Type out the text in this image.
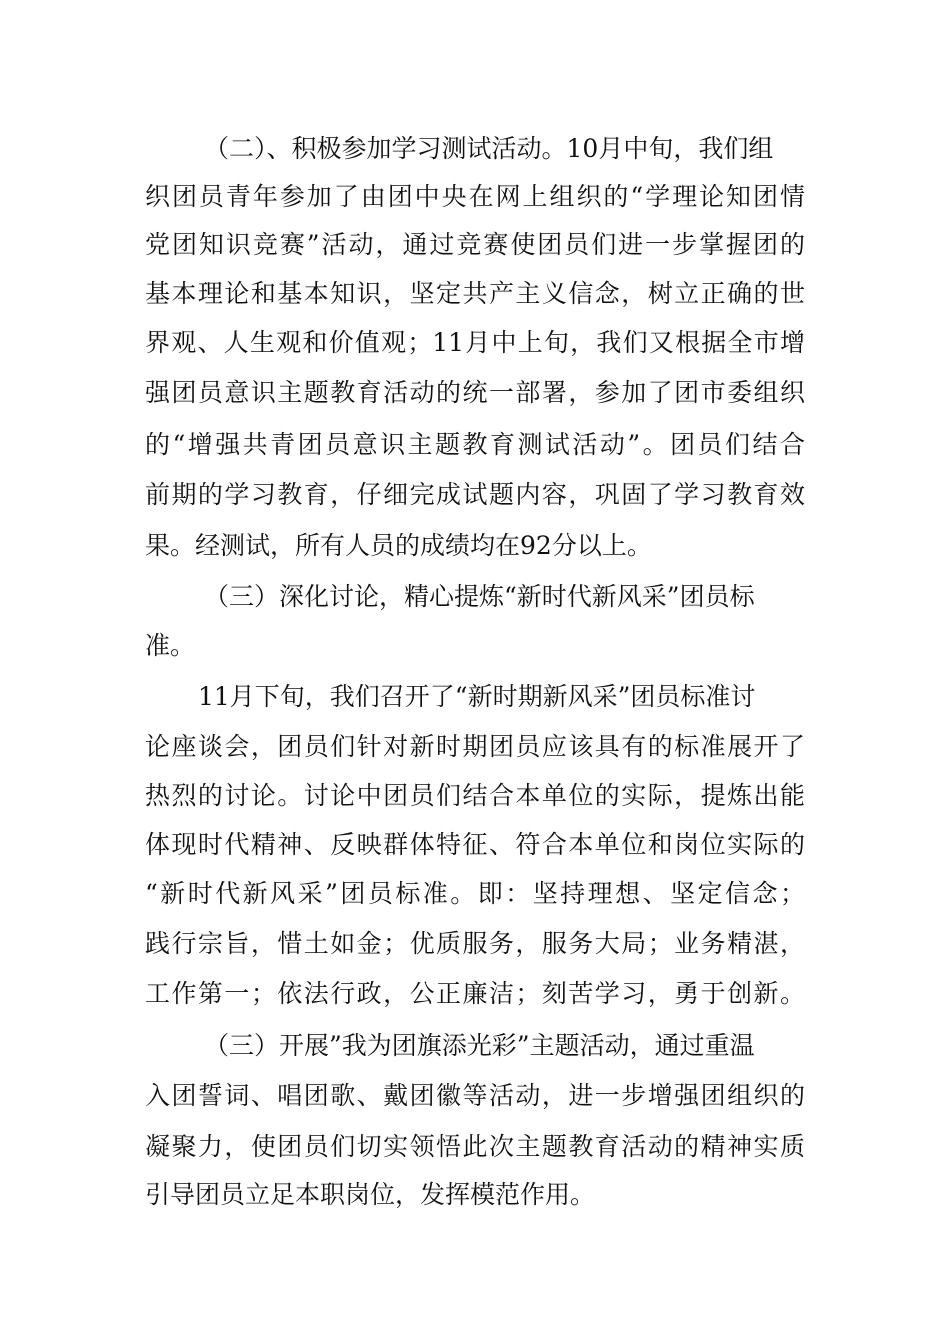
（二）、积极参加学习测试活动。10月中旬，我们组
织团员青年参加了由团中央在网上组织的“学理论知团情
党团知识竞赛”活动，通过竞赛使团员们进一步掌握团的
基本理论和基本知识，坚定共产主义信念，树立正确的世
界观、人生观和价值观；11月中上旬，我们又根据全市增
强团员意识主题教育活动的统一部署，参加了团市委组织
的“增强共青团员意识主题教育测试活动”。团员们结合
前期的学习教育，仔细完成试题内容，巩固了学习教育效
果。经测试，所有人员的成绩均在92分以上。
（三）深化讨论，精心提炼“新时代新风采”团员标
准。
11月下旬，我们召开了“新时期新风采”团员标准讨
论座谈会，团员们针对新时期团员应该具有的标准展开了
热烈的讨论。讨论中团员们结合本单位的实际，提炼出能
体现时代精神、反映群体特征、符合本单位和岗位实际的
“新时代新风采”团员标准。即：坚持理想、坚定信念；
践行宗旨，惜土如金；优质服务，服务大局；业务精湛，
工作第一；依法行政，公正廉洁；刻苦学习，勇于创新。
（三）开展”我为团旗添光彩”主题活动，通过重温
入团誓词、唱团歌、戴团徽等活动，进一步增强团组织的
凝聚力，使团员们切实领悟此次主题教育活动的精神实质
引导团员立足本职岗位，发挥模范作用。
